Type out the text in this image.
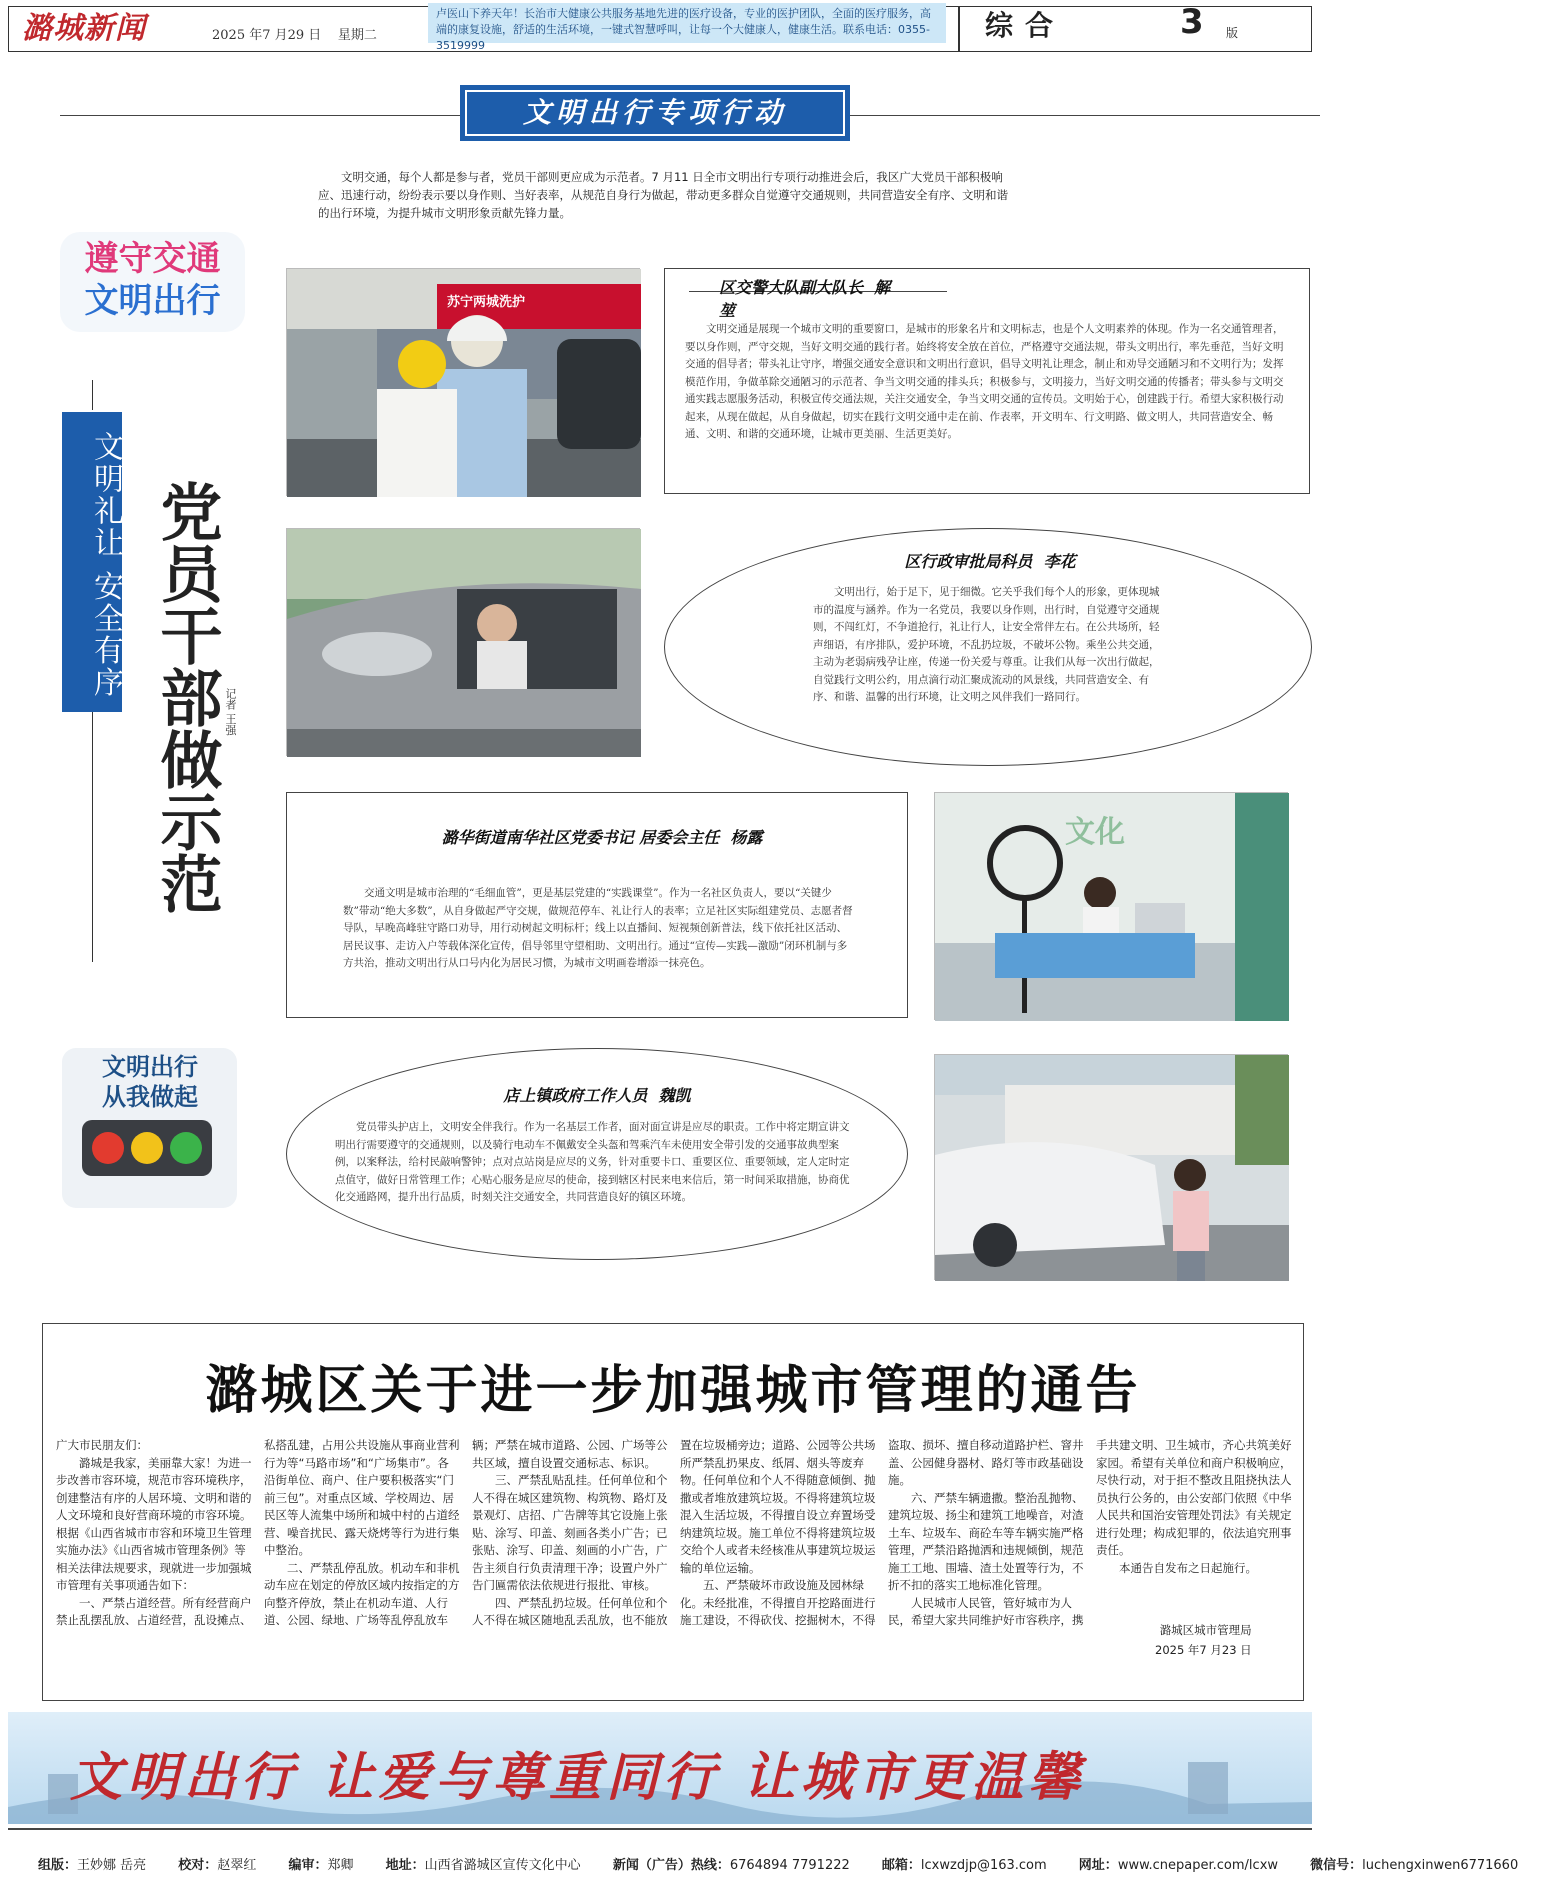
潞城新闻	2025 年7 月29 日 星期二
卢医山下养天年！长治市大健康公共服务基地先进的医疗设备，专业的医护团队，全面的医疗服务，高端的康复设施，舒适的生活环境，一键式智慧呼叫，让每一个大健康人，健康生活。联系电话：0355-3519999
综合	3 版
文明出行专项行动
文明交通，每个人都是参与者，党员干部则更应成为示范者。7 月11 日全市文明出行专项行动推进会后，我区广大党员干部积极响应、迅速行动，纷纷表示要以身作则、当好表率，从规范自身行为做起，带动更多群众自觉遵守交通规则，共同营造安全有序、文明和谐的出行环境，为提升城市文明形象贡献先锋力量。
遵守交通
文明出行
文明礼让 安全有序 党员干部做示范 记者 王强
文明出行
从我做起
苏宁两城洗护
区交警大队副大队长 解堃
文明交通是展现一个城市文明的重要窗口，是城市的形象名片和文明标志，也是个人文明素养的体现。作为一名交通管理者，要以身作则，严守交规，当好文明交通的践行者。始终将安全放在首位，严格遵守交通法规，带头文明出行，率先垂范，当好文明交通的倡导者；带头礼让守序，增强交通安全意识和文明出行意识，倡导文明礼让理念，制止和劝导交通陋习和不文明行为；发挥模范作用，争做革除交通陋习的示范者、争当文明交通的排头兵；积极参与，文明接力，当好文明交通的传播者；带头参与文明交通实践志愿服务活动，积极宣传交通法规，关注交通安全，争当文明交通的宣传员。文明始于心，创建践于行。希望大家积极行动起来，从现在做起，从自身做起，切实在践行文明交通中走在前、作表率，开文明车、行文明路、做文明人，共同营造安全、畅通、文明、和谐的交通环境，让城市更美丽、生活更美好。
区行政审批局科员 李花
文明出行，始于足下，见于细微。它关乎我们每个人的形象，更体现城市的温度与涵养。作为一名党员，我要以身作则，出行时，自觉遵守交通规则，不闯红灯，不争道抢行，礼让行人，让安全常伴左右。在公共场所，轻声细语，有序排队，爱护环境，不乱扔垃圾，不破坏公物。乘坐公共交通，主动为老弱病残孕让座，传递一份关爱与尊重。让我们从每一次出行做起，自觉践行文明公约，用点滴行动汇聚成流动的风景线，共同营造安全、有序、和谐、温馨的出行环境，让文明之风伴我们一路同行。
潞华街道南华社区党委书记 居委会主任 杨露
交通文明是城市治理的“毛细血管”，更是基层党建的“实践课堂”。作为一名社区负责人，要以“关键少数”带动“绝大多数”，从自身做起严守交规，做规范停车、礼让行人的表率；立足社区实际组建党员、志愿者督导队，早晚高峰驻守路口劝导，用行动树起文明标杆；线上以直播间、短视频创新普法，线下依托社区活动、居民议事、走访入户等载体深化宣传，倡导邻里守望相助、文明出行。通过“宣传—实践—激励”闭环机制与多方共治，推动文明出行从口号内化为居民习惯，为城市文明画卷增添一抹亮色。
文化
店上镇政府工作人员 魏凯
党员带头护店上，文明安全伴我行。作为一名基层工作者，面对面宣讲是应尽的职责。工作中将定期宣讲文明出行需要遵守的交通规则，以及骑行电动车不佩戴安全头盔和驾乘汽车未使用安全带引发的交通事故典型案例，以案释法，给村民敲响警钟；点对点站岗是应尽的义务，针对重要卡口、重要区位、重要领域，定人定时定点值守，做好日常管理工作；心贴心服务是应尽的使命，接到辖区村民来电来信后，第一时间采取措施，协商优化交通路网，提升出行品质，时刻关注交通安全，共同营造良好的镇区环境。
潞城区关于进一步加强城市管理的通告

广大市民朋友们：

潞城是我家，美丽靠大家！为进一步改善市容环境，规范市容环境秩序，创建整洁有序的人居环境、文明和谐的人文环境和良好营商环境的市容环境。根据《山西省城市市容和环境卫生管理实施办法》《山西省城市管理条例》等相关法律法规要求，现就进一步加强城市管理有关事项通告如下：

一、严禁占道经营。所有经营商户禁止乱摆乱放、占道经营，乱设摊点、私搭乱建，占用公共设施从事商业营利行为等“马路市场”和“广场集市”。各沿街单位、商户、住户要积极落实“门前三包”。对重点区域、学校周边、居民区等人流集中场所和城中村的占道经营、噪音扰民、露天烧烤等行为进行集中整治。

二、严禁乱停乱放。机动车和非机动车应在划定的停放区域内按指定的方向整齐停放，禁止在机动车道、人行道、公园、绿地、广场等乱停乱放车辆；严禁在城市道路、公园、广场等公共区域，擅自设置交通标志、标识。

三、严禁乱贴乱挂。任何单位和个人不得在城区建筑物、构筑物、路灯及景观灯、店招、广告牌等其它设施上张贴、涂写、印盖、刻画各类小广告；已张贴、涂写、印盖、刻画的小广告，广告主须自行负责清理干净；设置户外广告门匾需依法依规进行报批、审核。

四、严禁乱扔垃圾。任何单位和个人不得在城区随地乱丢乱放，也不能放置在垃圾桶旁边；道路、公园等公共场所严禁乱扔果皮、纸屑、烟头等废弃物。任何单位和个人不得随意倾倒、抛撒或者堆放建筑垃圾。不得将建筑垃圾混入生活垃圾，不得擅自设立弃置场受纳建筑垃圾。施工单位不得将建筑垃圾交给个人或者未经核准从事建筑垃圾运输的单位运输。

五、严禁破坏市政设施及园林绿化。未经批准，不得擅自开挖路面进行施工建设，不得砍伐、挖掘树木，不得盗取、损坏、擅自移动道路护栏、窨井盖、公园健身器材、路灯等市政基础设施。

六、严禁车辆遗撒。整治乱抛物、建筑垃圾、扬尘和建筑工地噪音，对渣土车、垃圾车、商砼车等车辆实施严格管理，严禁沿路抛洒和违规倾倒，规范施工工地、围墙、渣土处置等行为，不折不扣的落实工地标准化管理。

人民城市人民管，管好城市为人民，希望大家共同维护好市容秩序，携手共建文明、卫生城市，齐心共筑美好家园。希望有关单位和商户积极响应，尽快行动，对于拒不整改且阻挠执法人员执行公务的，由公安部门依照《中华人民共和国治安管理处罚法》有关规定进行处理；构成犯罪的，依法追究刑事责任。

本通告自发布之日起施行。

潞城区城市管理局
2025 年7 月23 日
文明出行 让爱与尊重同行 让城市更温馨
组版：王妙娜 岳亮 校对：赵翠红 编审：郑卿 地址：山西省潞城区宣传文化中心 新闻（广告）热线：6764894 7791222 邮箱：lcxwzdjp@163.com 网址：www.cnepaper.com/lcxw 微信号：luchengxinwen6771660
